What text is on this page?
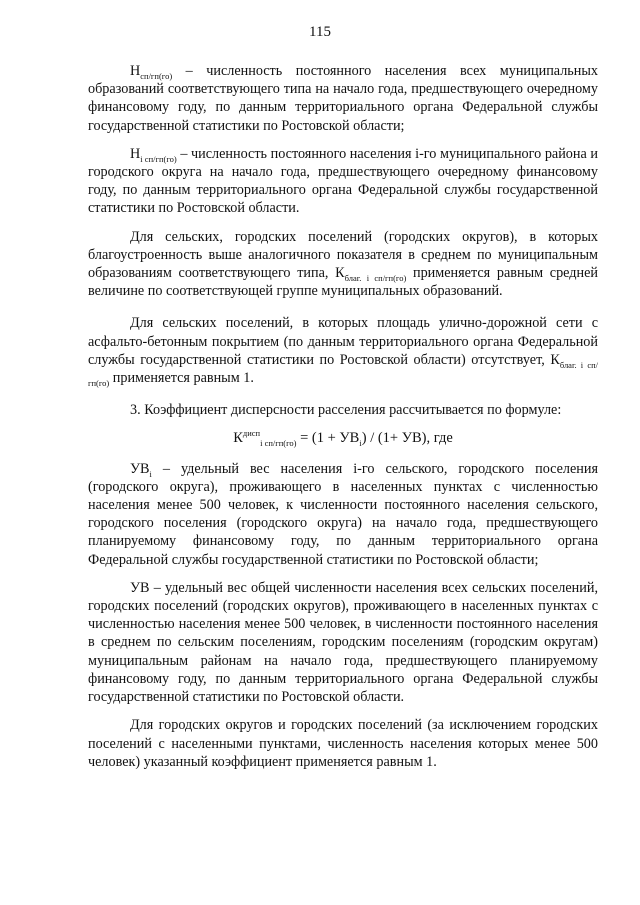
115

$Н_{сп/гп(го)}$ – численность постоянного населения всех муниципальных образований соответствующего типа на начало года, предшествующего очередному финансовому году, по данным территориального органа Федеральной службы государственной статистики по Ростовской области;

$Н_{i сп/гп(го)}$ – численность постоянного населения i-го муниципального района и городского округа на начало года, предшествующего очередному финансовому году, по данным территориального органа Федеральной службы государственной статистики по Ростовской области.

Для сельских, городских поселений (городских округов), в которых благоустроенность выше аналогичного показателя в среднем по муниципальным образованиям соответствующего типа, $К_{благ. i сп/гп(го)}$ применяется равным средней величине по соответствующей группе муниципальных образований.

Для сельских поселений, в которых площадь улично-дорожной сети с асфальто-бетонным покрытием (по данным территориального органа Федеральной службы государственной статистики по Ростовской области) отсутствует, $К_{благ. i сп/гп(го)}$ применяется равным 1.

3. Коэффициент дисперсности расселения рассчитывается по формуле:

$К^{дисп}_{i сп/гп(го)} = (1 + УВ_i) / (1+ УВ)$, где

$УВ_i$ – удельный вес населения i-го сельского, городского поселения (городского округа), проживающего в населенных пунктах с численностью населения менее 500 человек, к численности постоянного населения сельского, городского поселения (городского округа) на начало года, предшествующего планируемому финансовому году, по данным территориального органа Федеральной службы государственной статистики по Ростовской области;

УВ – удельный вес общей численности населения всех сельских поселений, городских поселений (городских округов), проживающего в населенных пунктах с численностью населения менее 500 человек, в численности постоянного населения в среднем по сельским поселениям, городским поселениям (городским округам) муниципальным районам на начало года, предшествующего планируемому финансовому году, по данным территориального органа Федеральной службы государственной статистики по Ростовской области.

Для городских округов и городских поселений (за исключением городских поселений с населенными пунктами, численность населения которых менее 500 человек) указанный коэффициент применяется равным 1.
